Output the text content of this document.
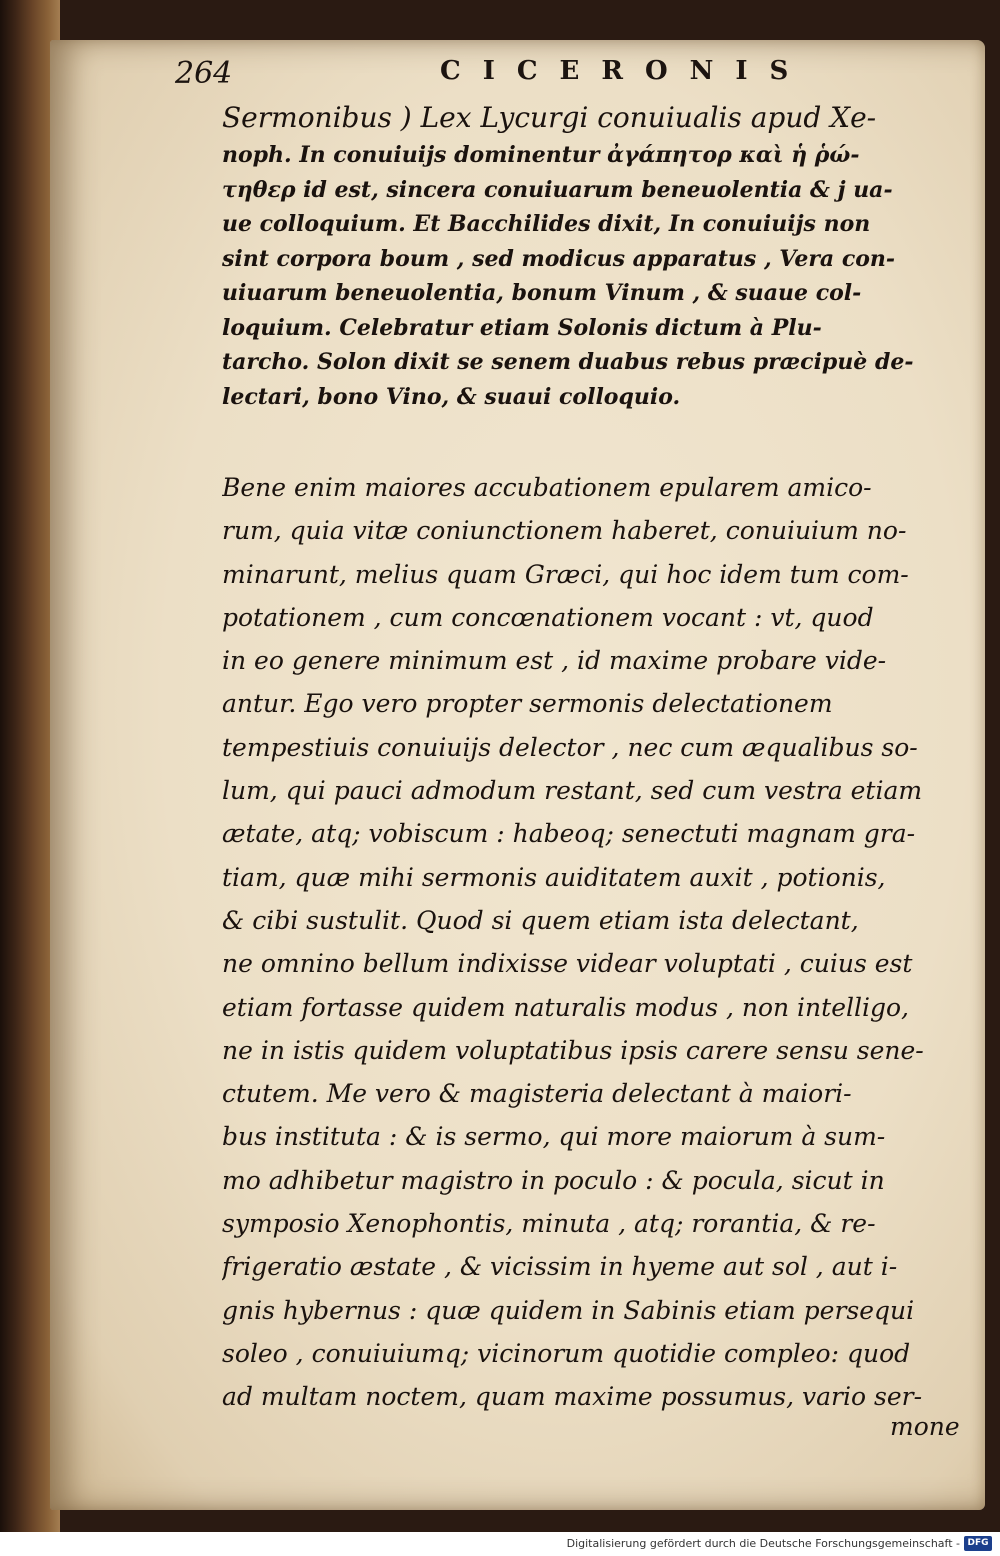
264	CICERONIS
Sermonibus ) Lex Lycurgi conuiualis apud Xe-
noph. In conuiuijs dominentur ἀγάπητορ καὶ ἡ ῥώ-
τηθερ id est, sincera conuiuarum beneuolentia & j ua-
ue colloquium. Et Bacchilides dixit, In conuiuijs non
sint corpora boum , sed modicus apparatus , Vera con-
uiuarum beneuolentia, bonum Vinum , & suaue col-
loquium. Celebratur etiam Solonis dictum à Plu-
tarcho. Solon dixit se senem duabus rebus præcipuè de-
lectari, bono Vino, & suaui colloquio.
Bene enim maiores accubationem epularem amico-
rum, quia vitæ coniunctionem haberet, conuiuium no-
minarunt, melius quam Græci, qui hoc idem tum com-
potationem , cum concœnationem vocant : vt, quod
in eo genere minimum est , id maxime probare vide-
antur. Ego vero propter sermonis delectationem
tempestiuis conuiuijs delector , nec cum æqualibus so-
lum, qui pauci admodum restant, sed cum vestra etiam
ætate, atq; vobiscum : habeoq; senectuti magnam gra-
tiam, quæ mihi sermonis auiditatem auxit , potionis,
& cibi sustulit. Quod si quem etiam ista delectant,
ne omnino bellum indixisse videar voluptati , cuius est
etiam fortasse quidem naturalis modus , non intelligo,
ne in istis quidem voluptatibus ipsis carere sensu sene-
ctutem. Me vero & magisteria delectant à maiori-
bus instituta : & is sermo, qui more maiorum à sum-
mo adhibetur magistro in poculo : & pocula, sicut in
symposio Xenophontis, minuta , atq; rorantia, & re-
frigeratio æstate , & vicissim in hyeme aut sol , aut i-
gnis hybernus : quæ quidem in Sabinis etiam persequi
soleo , conuiuiumq; vicinorum quotidie compleo: quod
ad multam noctem, quam maxime possumus, vario ser-
mone
Digitalisierung gefördert durch die Deutsche Forschungsgemeinschaft - DFG
